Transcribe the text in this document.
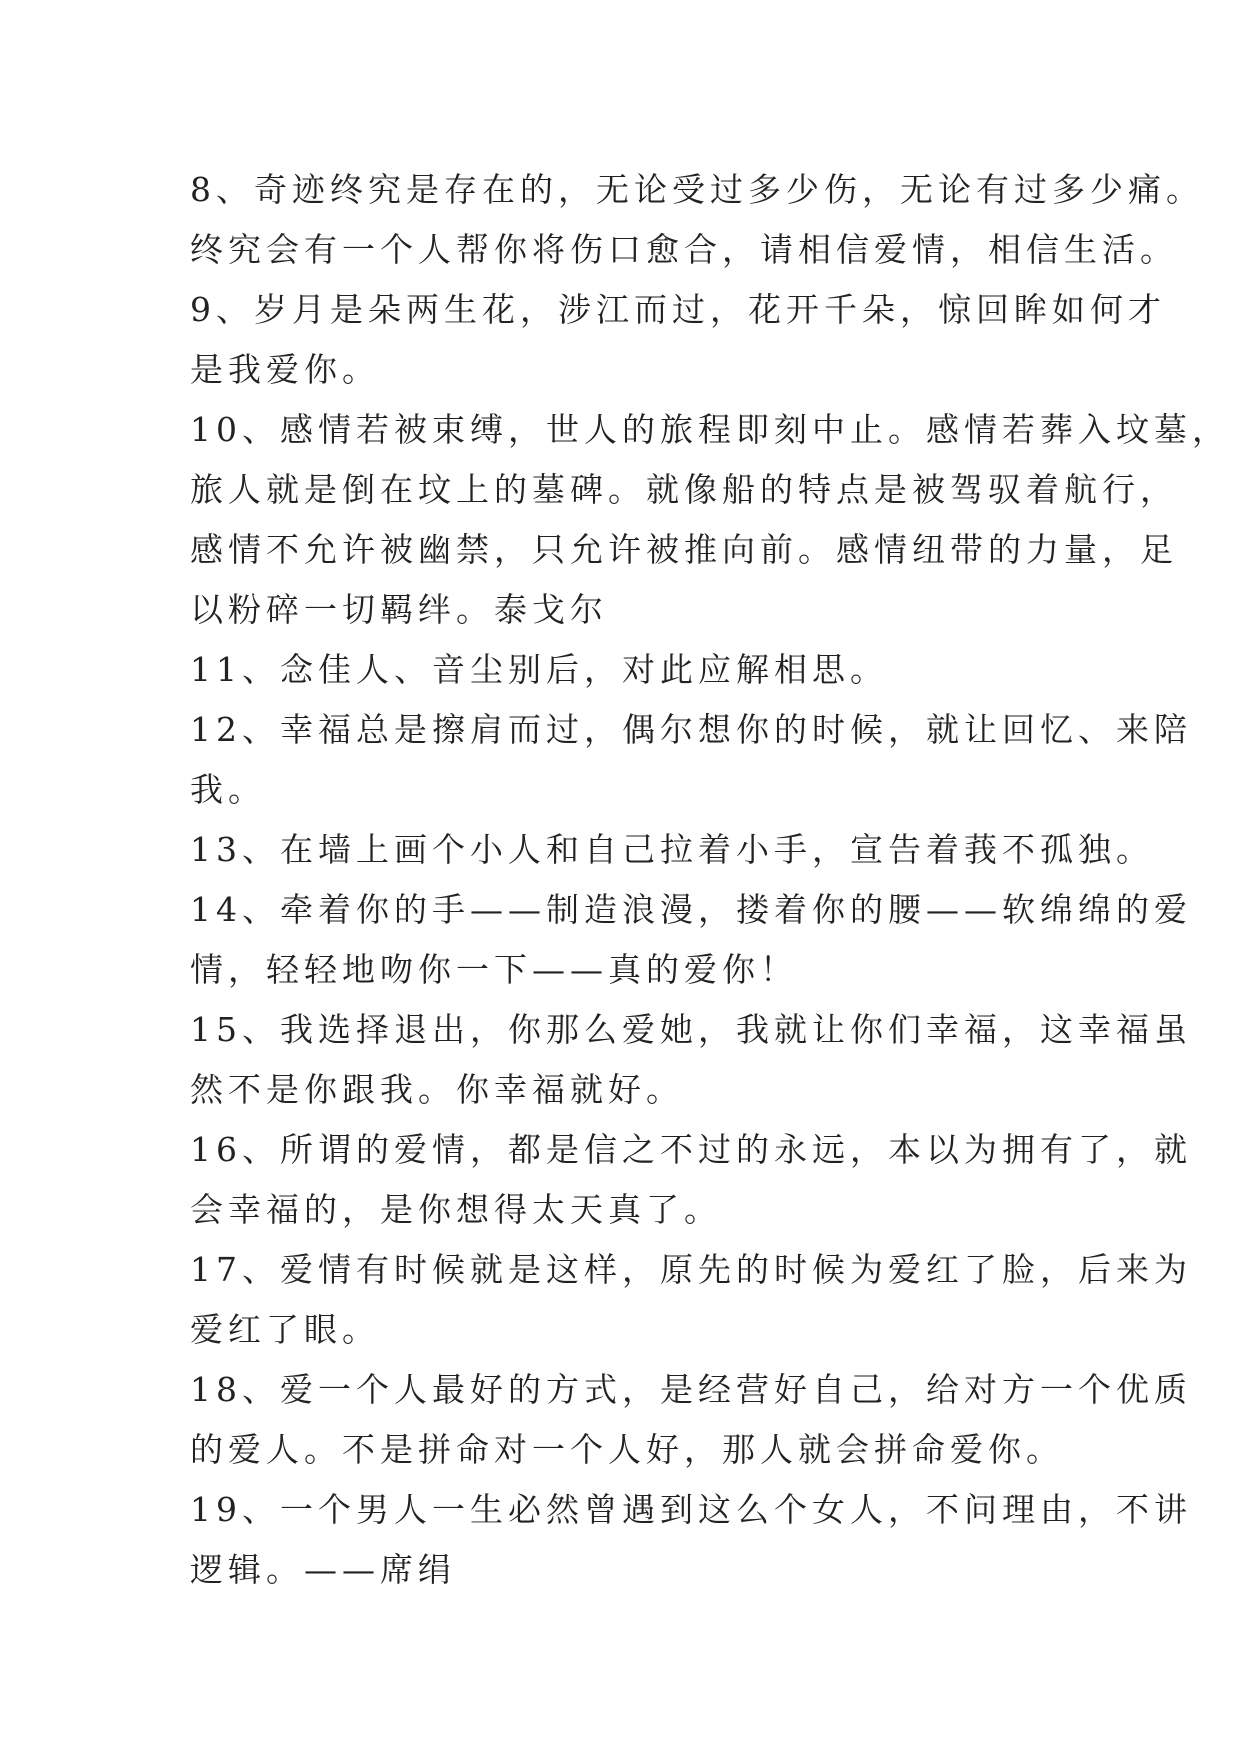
8、奇迹终究是存在的，无论受过多少伤，无论有过多少痛。
终究会有一个人帮你将伤口愈合，请相信爱情，相信生活。
9、岁月是朵两生花，涉江而过，花开千朵，惊回眸如何才
是我爱你。
10、感情若被束缚，世人的旅程即刻中止。感情若葬入坟墓，
旅人就是倒在坟上的墓碑。就像船的特点是被驾驭着航行，
感情不允许被幽禁，只允许被推向前。感情纽带的力量，足
以粉碎一切羁绊。泰戈尔
11、念佳人、音尘别后，对此应解相思。
12、幸福总是擦肩而过，偶尔想你的时候，就让回忆、来陪
我。
13、在墙上画个小人和自己拉着小手，宣告着莪不孤独。
14、牵着你的手——制造浪漫，搂着你的腰——软绵绵的爱
情，轻轻地吻你一下——真的爱你！
15、我选择退出，你那么爱她，我就让你们幸福，这幸福虽
然不是你跟我。你幸福就好。
16、所谓的爱情，都是信之不过的永远，本以为拥有了，就
会幸福的，是你想得太天真了。
17、爱情有时候就是这样，原先的时候为爱红了脸，后来为
爱红了眼。
18、爱一个人最好的方式，是经营好自己，给对方一个优质
的爱人。不是拼命对一个人好，那人就会拼命爱你。
19、一个男人一生必然曾遇到这么个女人，不问理由，不讲
逻辑。——席绢
